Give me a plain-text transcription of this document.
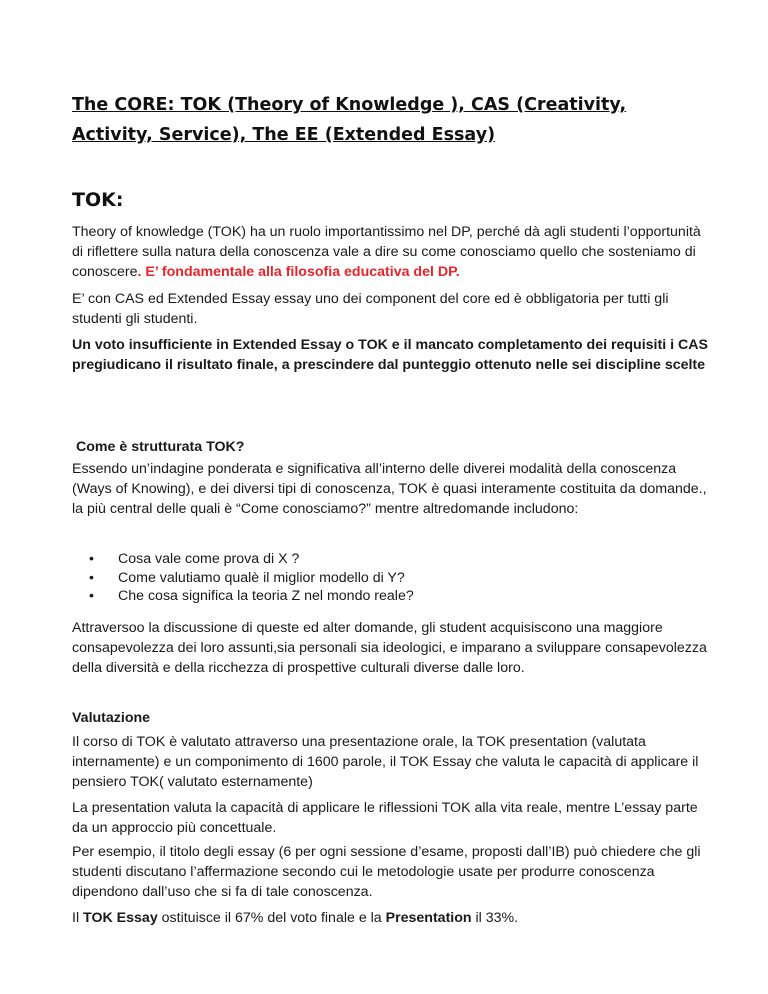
The CORE: TOK (Theory of Knowledge ), CAS (Creativity, Activity, Service), The EE (Extended Essay)
TOK:

Theory of knowledge (TOK) ha un ruolo importantissimo nel DP, perché dà agli studenti l’opportunità di riflettere sulla natura della conoscenza vale a dire su come conosciamo quello che sosteniamo di conoscere. E’ fondamentale alla filosofia educativa del DP.

E’ con CAS ed Extended Essay essay uno dei component del core ed è obbligatoria per tutti gli studenti gli studenti.

Un voto insufficiente in Extended Essay o TOK e il mancato completamento dei requisiti i CAS pregiudicano il risultato finale, a prescindere dal punteggio ottenuto nelle sei discipline scelte

Come è strutturata TOK?

Essendo un’indagine ponderata e significativa all’interno delle diverei modalità della conoscenza (Ways of Knowing), e dei diversi tipi di conoscenza, TOK è quasi interamente costituita da domande., la più central delle quali è “Come conosciamo?” mentre altredomande includono:

• Cosa vale come prova di X ?
• Come valutiamo qualè il miglior modello di Y?
• Che cosa significa la teoria Z nel mondo reale?

Attraversoo la discussione di queste ed alter domande, gli student acquisiscono una maggiore consapevolezza dei loro assunti,sia personali sia ideologici, e imparano a sviluppare consapevolezza della diversità e della ricchezza di prospettive culturali diverse dalle loro.

Valutazione

Il corso di TOK è valutato attraverso una presentazione orale, la TOK presentation (valutata internamente) e un componimento di 1600 parole, il TOK Essay che valuta le capacità di applicare il pensiero TOK( valutato esternamente)

La presentation valuta la capacità di applicare le riflessioni TOK alla vita reale, mentre L’essay parte da un approccio più concettuale.

Per esempio, il titolo degli essay (6 per ogni sessione d’esame, proposti dall’IB) può chiedere che gli studenti discutano l’affermazione secondo cui le metodologie usate per produrre conoscenza dipendono dall’uso che si fa di tale conoscenza.

Il TOK Essay ostituisce il 67% del voto finale e la Presentation il 33%.
